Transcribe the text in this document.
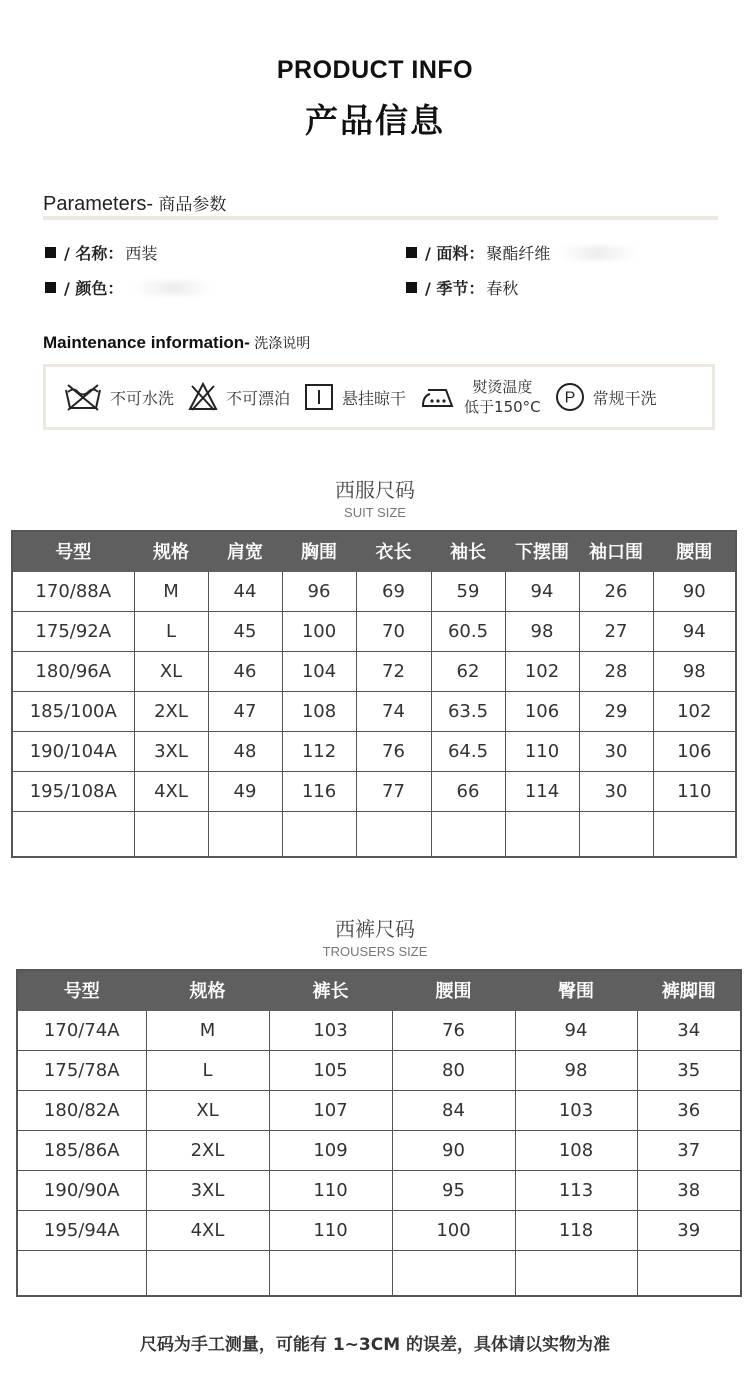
PRODUCT INFO
产品信息
Parameters- 商品参数
/ 名称： 西装	/ 面料： 聚酯纤维
/ 颜色：	/ 季节： 春秋
Maintenance information- 洗涤说明
不可水洗	不可漂泊	悬挂晾干
熨烫温度
低于150°C P 常规干洗
西服尺码
SUIT SIZE
号型	规格	肩宽	胸围	衣长	袖长	下摆围	袖口围	腰围
170/88A	M	44	96	69	59	94	26	90
175/92A	L	45	100	70	60.5	98	27	94
180/96A	XL	46	104	72	62	102	28	98
185/100A	2XL	47	108	74	63.5	106	29	102
190/104A	3XL	48	112	76	64.5	110	30	106
195/108A	4XL	49	116	77	66	114	30	110

西裤尺码
TROUSERS SIZE
号型	规格	裤长	腰围	臀围	裤脚围
170/74A	M	103	76	94	34
175/78A	L	105	80	98	35
180/82A	XL	107	84	103	36
185/86A	2XL	109	90	108	37
190/90A	3XL	110	95	113	38
195/94A	4XL	110	100	118	39

尺码为手工测量，可能有 1~3CM 的误差，具体请以实物为准
